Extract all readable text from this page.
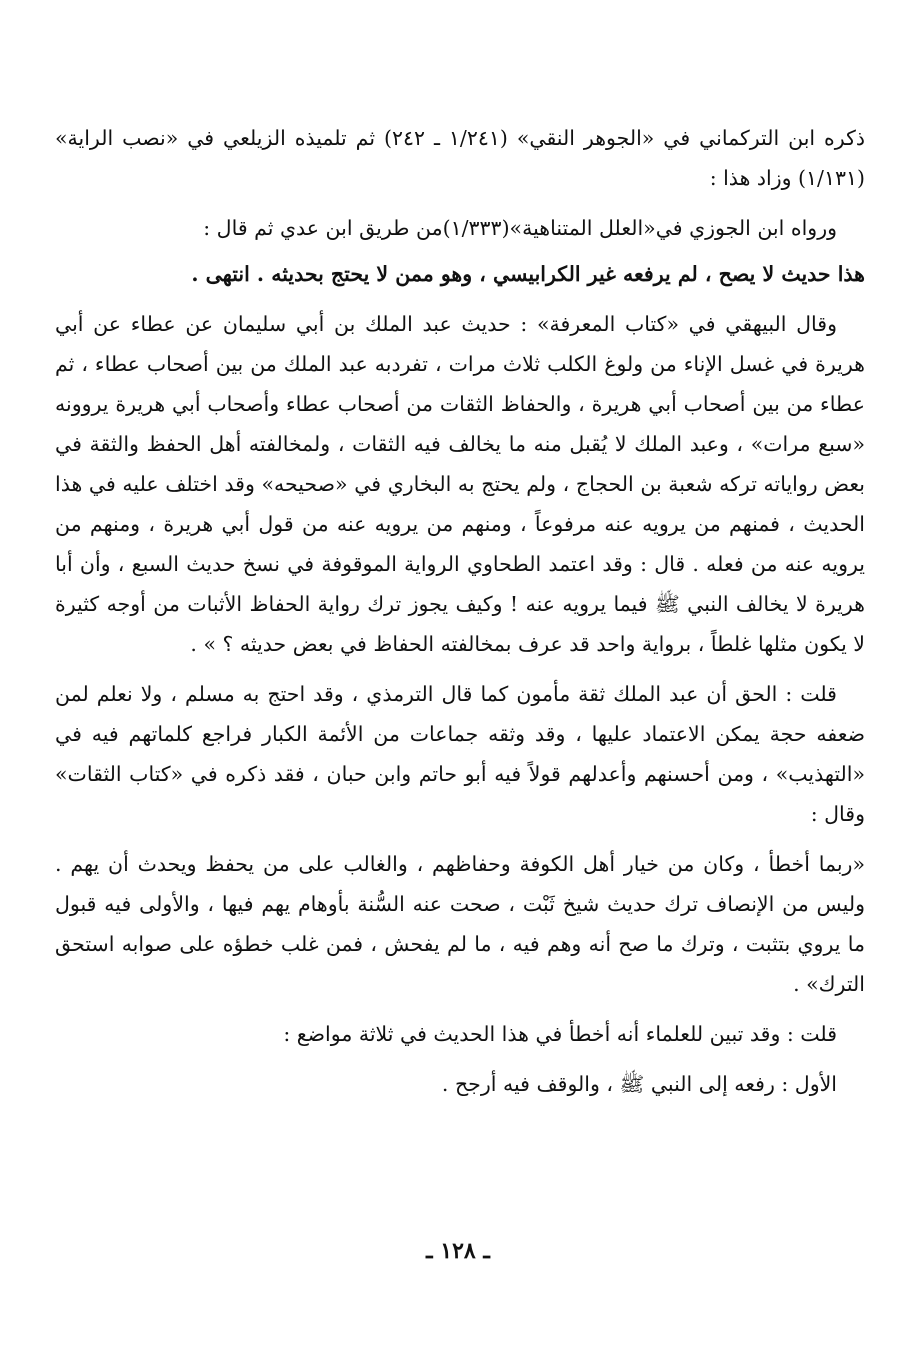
ذكره ابن التركماني في «الجوهر النقي» (١/٢٤١ ـ ٢٤٢) ثم تلميذه الزيلعي في «نصب الراية» (١/١٣١) وزاد هذا :

ورواه ابن الجوزي في«العلل المتناهية»(١/٣٣٣)من طريق ابن عدي ثم قال :

هذا حديث لا يصح ، لم يرفعه غير الكرابيسي ، وهو ممن لا يحتج بحديثه . انتهى .

وقال البيهقي في «كتاب المعرفة» : حديث عبد الملك بن أبي سليمان عن عطاء عن أبي هريرة في غسل الإناء من ولوغ الكلب ثلاث مرات ، تفردبه عبد الملك من بين أصحاب عطاء ، ثم عطاء من بين أصحاب أبي هريرة ، والحفاظ الثقات من أصحاب عطاء وأصحاب أبي هريرة يروونه «سبع مرات» ، وعبد الملك لا يُقبل منه ما يخالف فيه الثقات ، ولمخالفته أهل الحفظ والثقة في بعض رواياته تركه شعبة بن الحجاج ، ولم يحتج به البخاري في «صحيحه» وقد اختلف عليه في هذا الحديث ، فمنهم من يرويه عنه مرفوعاً ، ومنهم من يرويه عنه من قول أبي هريرة ، ومنهم من يرويه عنه من فعله . قال : وقد اعتمد الطحاوي الرواية الموقوفة في نسخ حديث السبع ، وأن أبا هريرة لا يخالف النبي ﷺ فيما يرويه عنه ! وكيف يجوز ترك رواية الحفاظ الأثبات من أوجه كثيرة لا يكون مثلها غلطاً ، برواية واحد قد عرف بمخالفته الحفاظ في بعض حديثه ؟ » .

قلت : الحق أن عبد الملك ثقة مأمون كما قال الترمذي ، وقد احتج به مسلم ، ولا نعلم لمن ضعفه حجة يمكن الاعتماد عليها ، وقد وثقه جماعات من الأئمة الكبار فراجع كلماتهم فيه في «التهذيب» ، ومن أحسنهم وأعدلهم قولاً فيه أبو حاتم وابن حبان ، فقد ذكره في «كتاب الثقات» وقال :

«ربما أخطأ ، وكان من خيار أهل الكوفة وحفاظهم ، والغالب على من يحفظ ويحدث أن يهم . وليس من الإنصاف ترك حديث شيخ ثَبْت ، صحت عنه السُّنة بأوهام يهم فيها ، والأولى فيه قبول ما يروي بتثبت ، وترك ما صح أنه وهم فيه ، ما لم يفحش ، فمن غلب خطؤه على صوابه استحق الترك» .

قلت : وقد تبين للعلماء أنه أخطأ في هذا الحديث في ثلاثة مواضع :

الأول : رفعه إلى النبي ﷺ ، والوقف فيه أرجح .

ـ ١٢٨ ـ
